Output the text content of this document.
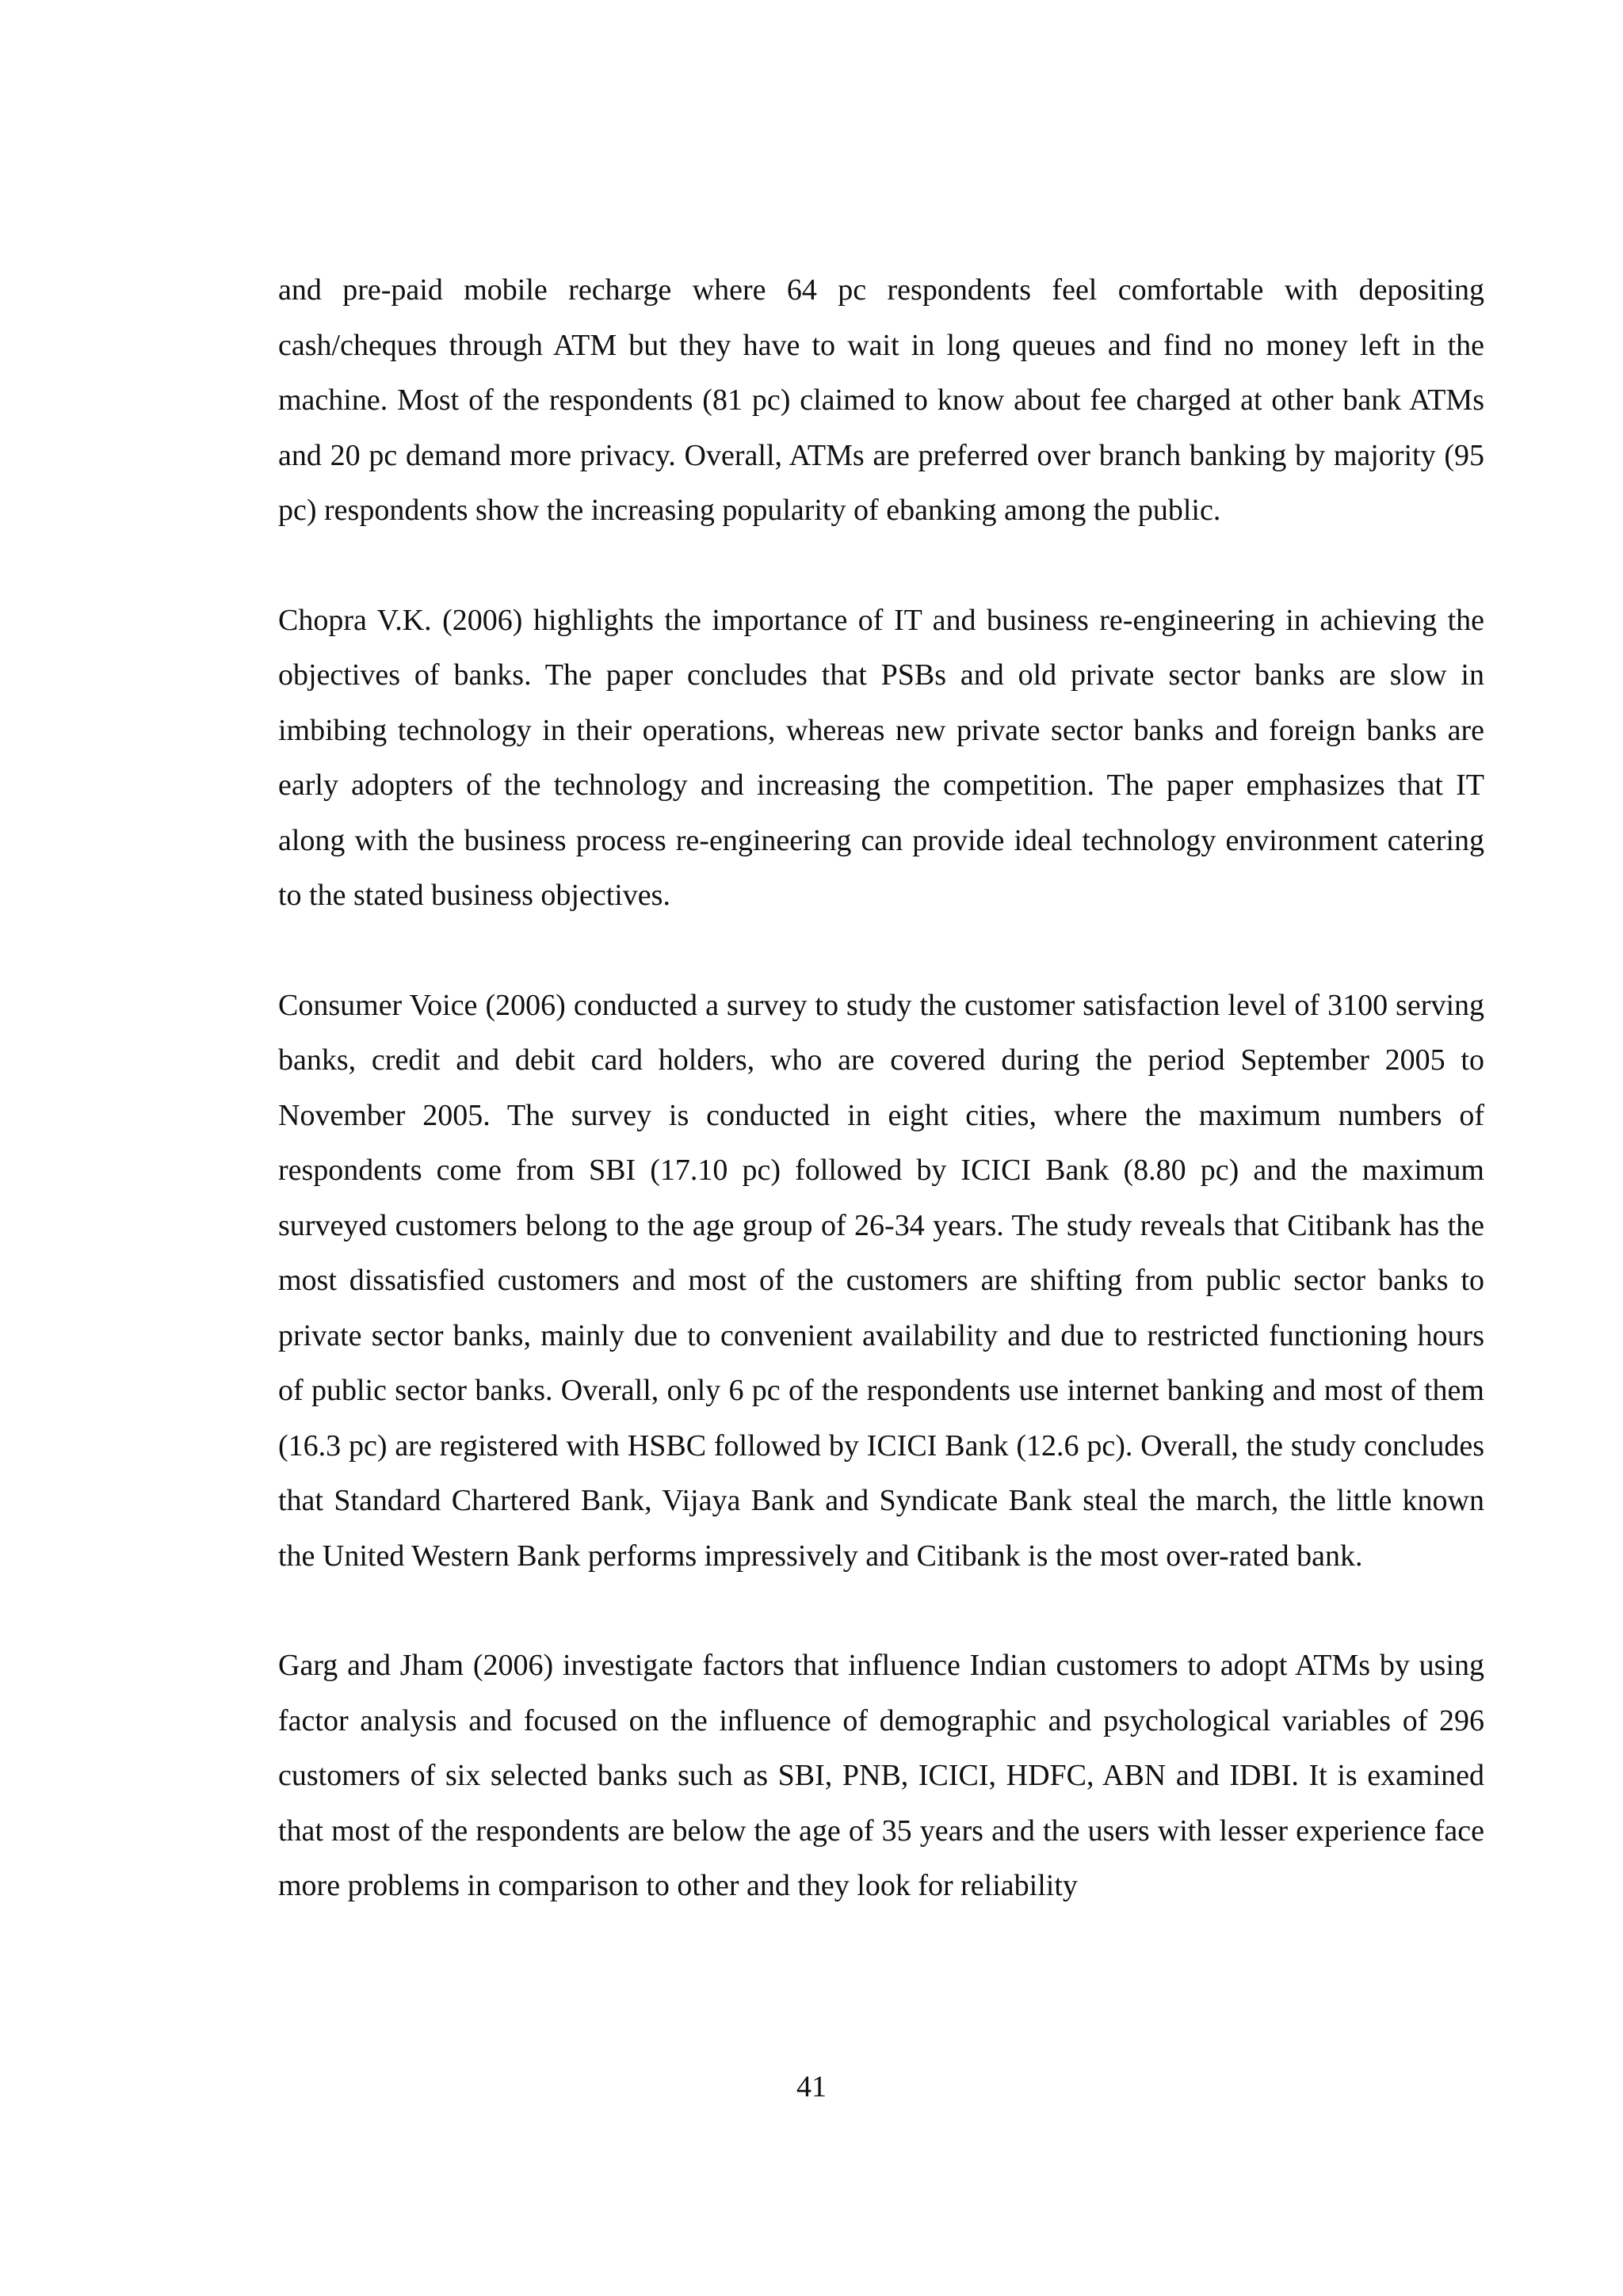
and pre-paid mobile recharge where 64 pc respondents feel comfortable with depositing cash/cheques through ATM but they have to wait in long queues and find no money left in the machine. Most of the respondents (81 pc) claimed to know about fee charged at other bank ATMs and 20 pc demand more privacy. Overall, ATMs are preferred over branch banking by majority (95 pc) respondents show the increasing popularity of ebanking among the public.

Chopra V.K. (2006) highlights the importance of IT and business re-engineering in achieving the objectives of banks. The paper concludes that PSBs and old private sector banks are slow in imbibing technology in their operations, whereas new private sector banks and foreign banks are early adopters of the technology and increasing the competition. The paper emphasizes that IT along with the business process re-engineering can provide ideal technology environment catering to the stated business objectives.

Consumer Voice (2006) conducted a survey to study the customer satisfaction level of 3100 serving banks, credit and debit card holders, who are covered during the period September 2005 to November 2005. The survey is conducted in eight cities, where the maximum numbers of respondents come from SBI (17.10 pc) followed by ICICI Bank (8.80 pc) and the maximum surveyed customers belong to the age group of 26-34 years. The study reveals that Citibank has the most dissatisfied customers and most of the customers are shifting from public sector banks to private sector banks, mainly due to convenient availability and due to restricted functioning hours of public sector banks. Overall, only 6 pc of the respondents use internet banking and most of them (16.3 pc) are registered with HSBC followed by ICICI Bank (12.6 pc). Overall, the study concludes that Standard Chartered Bank, Vijaya Bank and Syndicate Bank steal the march, the little known the United Western Bank performs impressively and Citibank is the most over-rated bank.

Garg and Jham (2006) investigate factors that influence Indian customers to adopt ATMs by using factor analysis and focused on the influence of demographic and psychological variables of 296 customers of six selected banks such as SBI, PNB, ICICI, HDFC, ABN and IDBI. It is examined that most of the respondents are below the age of 35 years and the users with lesser experience face more problems in comparison to other and they look for reliability

41
